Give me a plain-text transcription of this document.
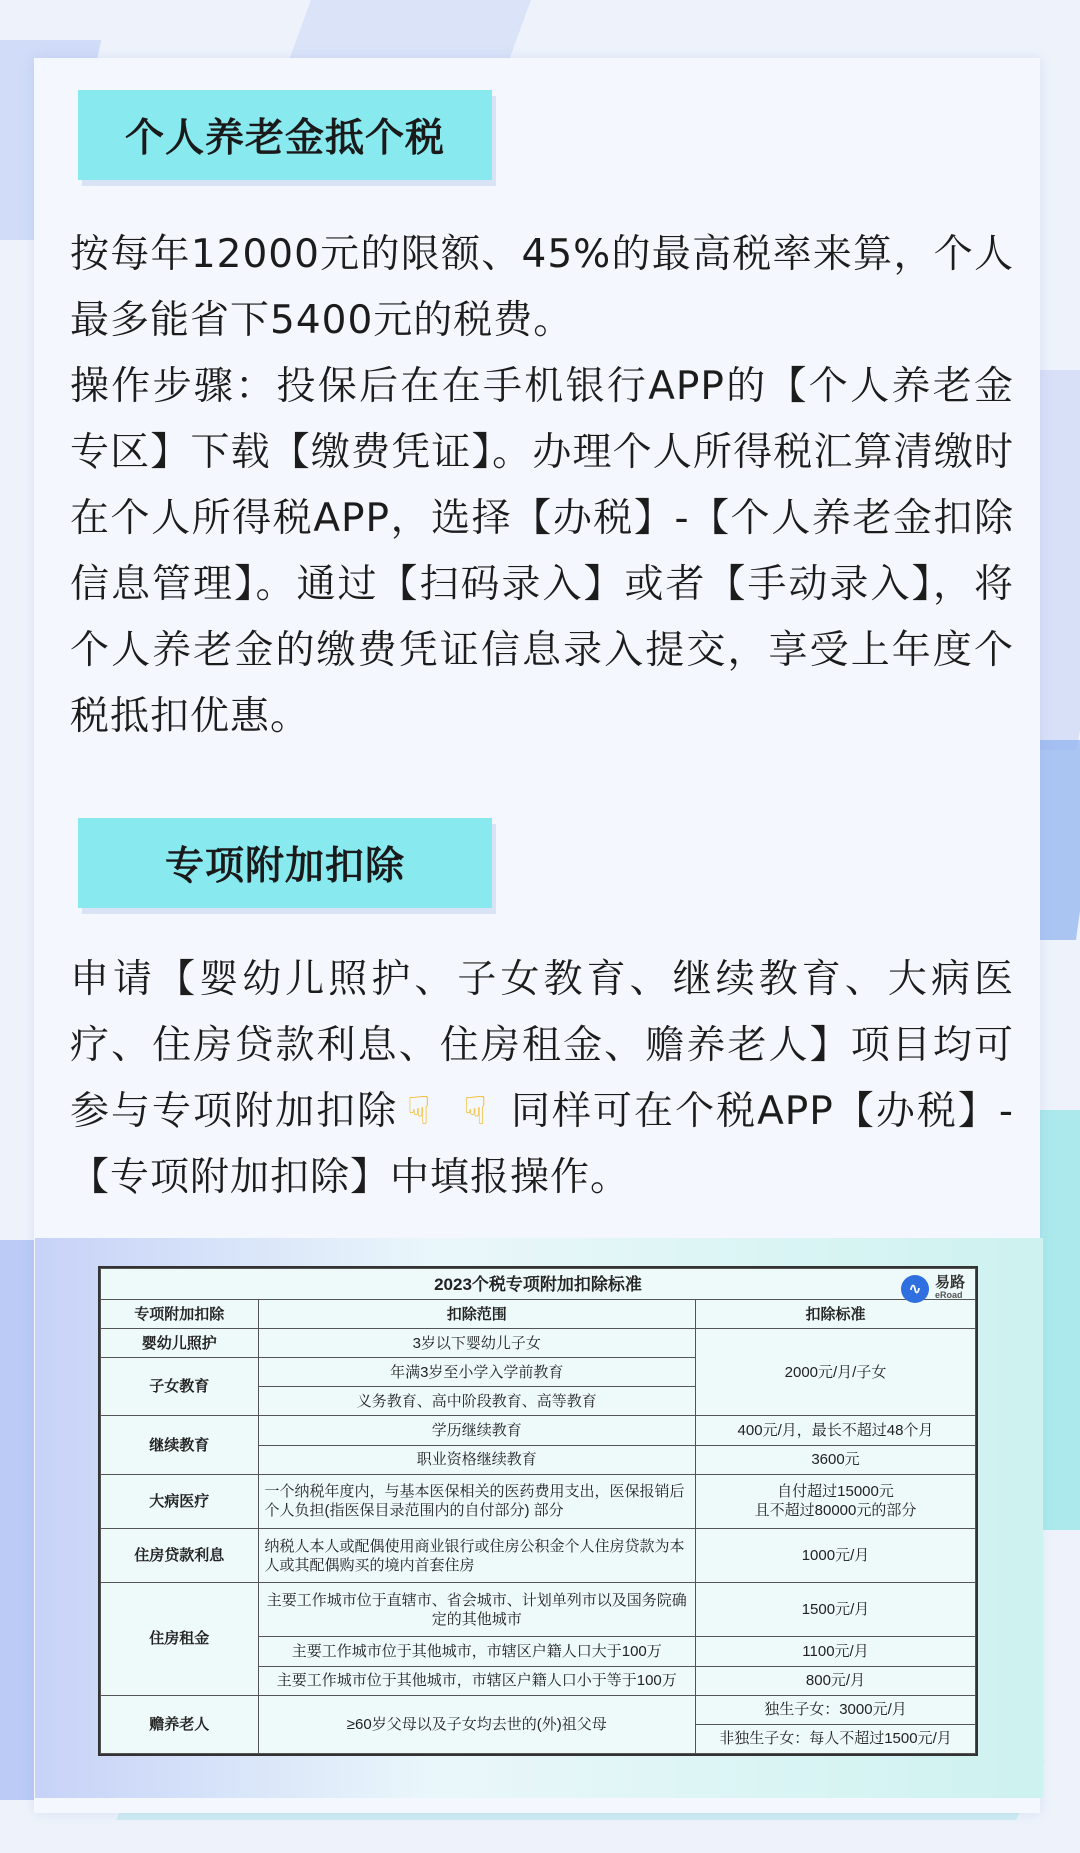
个人养老金抵个税
按每年12000元的限额、45%的最高税率来算，个人最多能省下5400元的税费。
操作步骤：投保后在在手机银行APP的【个人养老金专区】下载【缴费凭证】。办理个人所得税汇算清缴时在个人所得税APP，选择【办税】-【个人养老金扣除信息管理】。通过【扫码录入】或者【手动录入】，将个人养老金的缴费凭证信息录入提交，享受上年度个税抵扣优惠。
专项附加扣除
申请【婴幼儿照护、子女教育、继续教育、大病医疗、住房贷款利息、住房租金、赡养老人】项目均可参与专项附加扣除 ☟ ☟ 同样可在个税APP【办税】-【专项附加扣除】中填报操作。
2023个税专项附加扣除标准 ∿ 易路
eRoad		

专项附加扣除	扣除范围	扣除标准
婴幼儿照护	3岁以下婴幼儿子女	2000元/月/子女
子女教育	年满3岁至小学入学前教育	
	义务教育、高中阶段教育、高等教育	
继续教育	学历继续教育	400元/月，最长不超过48个月
	职业资格继续教育	3600元
大病医疗	一个纳税年度内，与基本医保相关的医药费用支出，医保报销后个人负担(指医保目录范围内的自付部分) 部分	自付超过15000元
且不超过80000元的部分

住房贷款利息	纳税人本人或配偶使用商业银行或住房公积金个人住房贷款为本人或其配偶购买的境内首套住房	1000元/月
住房租金	主要工作城市位于直辖市、省会城市、计划单列市以及国务院确定的其他城市	1500元/月
	主要工作城市位于其他城市，市辖区户籍人口大于100万	1100元/月
	主要工作城市位于其他城市，市辖区户籍人口小于等于100万	800元/月
赡养老人	≥60岁父母以及子女均去世的(外)祖父母	独生子女：3000元/月
		非独生子女：每人不超过1500元/月
